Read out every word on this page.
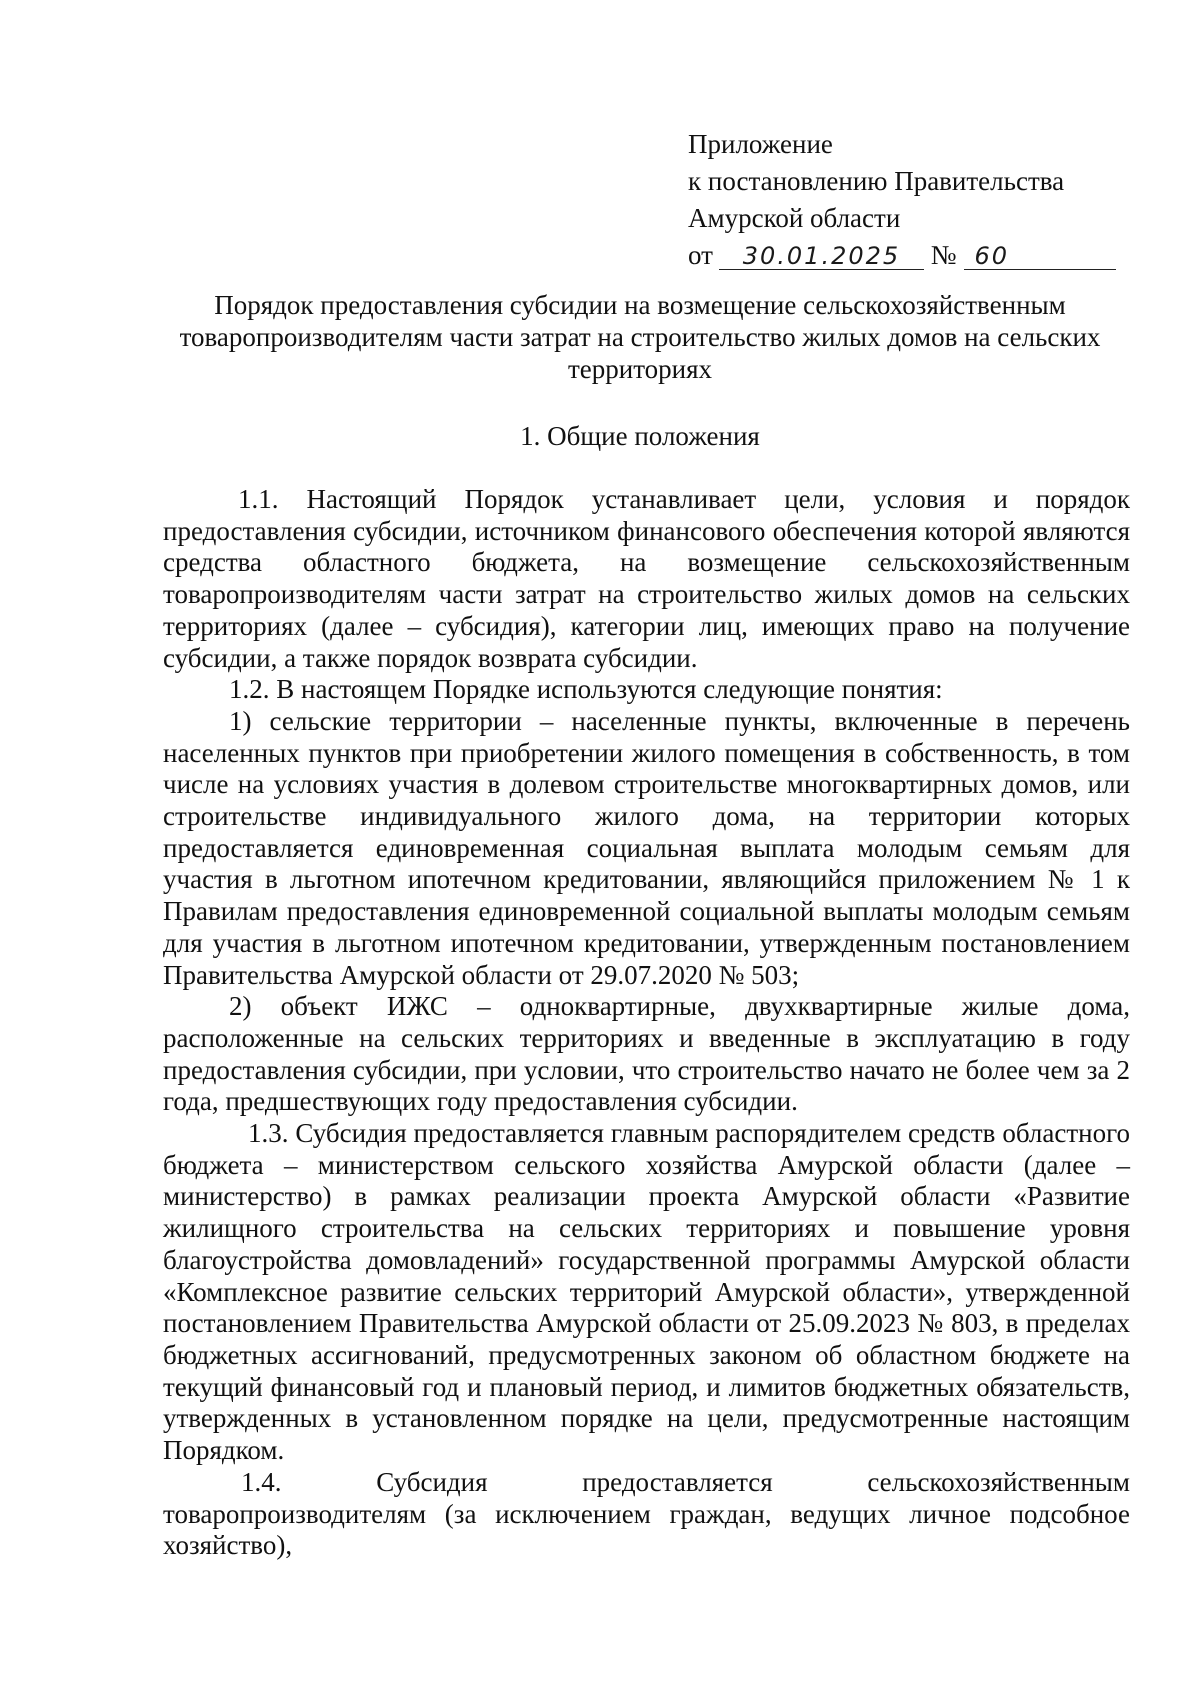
Приложение
к постановлению Правительства
Амурской области
от 30.01.2025 № 60
Порядок предоставления субсидии на возмещение сельскохозяйственным товаропроизводителям части затрат на строительство жилых домов на сельских территориях
1. Общие положения

1.1. Настоящий Порядок устанавливает цели, условия и порядок предоставления субсидии, источником финансового обеспечения которой являются средства областного бюджета, на возмещение сельскохозяйственным товаропроизводителям части затрат на строительство жилых домов на сельских территориях (далее – субсидия), категории лиц, имеющих право на получение субсидии, а также порядок возврата субсидии.

1.2. В настоящем Порядке используются следующие понятия:

1) сельские территории – населенные пункты, включенные в перечень населенных пунктов при приобретении жилого помещения в собственность, в том числе на условиях участия в долевом строительстве многоквартирных домов, или строительстве индивидуального жилого дома, на территории которых предоставляется единовременная социальная выплата молодым семьям для участия в льготном ипотечном кредитовании, являющийся приложением № 1 к Правилам предоставления единовременной социальной выплаты молодым семьям для участия в льготном ипотечном кредитовании, утвержденным постановлением Правительства Амурской области от 29.07.2020 № 503;

2) объект ИЖС – одноквартирные, двухквартирные жилые дома, расположенные на сельских территориях и введенные в эксплуатацию в году предоставления субсидии, при условии, что строительство начато не более чем за 2 года, предшествующих году предоставления субсидии.

1.3. Субсидия предоставляется главным распорядителем средств областного бюджета – министерством сельского хозяйства Амурской области (далее – министерство) в рамках реализации проекта Амурской области «Развитие жилищного строительства на сельских территориях и повышение уровня благоустройства домовладений» государственной программы Амурской области «Комплексное развитие сельских территорий Амурской области», утвержденной постановлением Правительства Амурской области от 25.09.2023 № 803, в пределах бюджетных ассигнований, предусмотренных законом об областном бюджете на текущий финансовый год и плановый период, и лимитов бюджетных обязательств, утвержденных в установленном порядке на цели, предусмотренные настоящим Порядком.

1.4. Субсидия предоставляется сельскохозяйственным товаропроизводителям (за исключением граждан, ведущих личное подсобное хозяйство),
